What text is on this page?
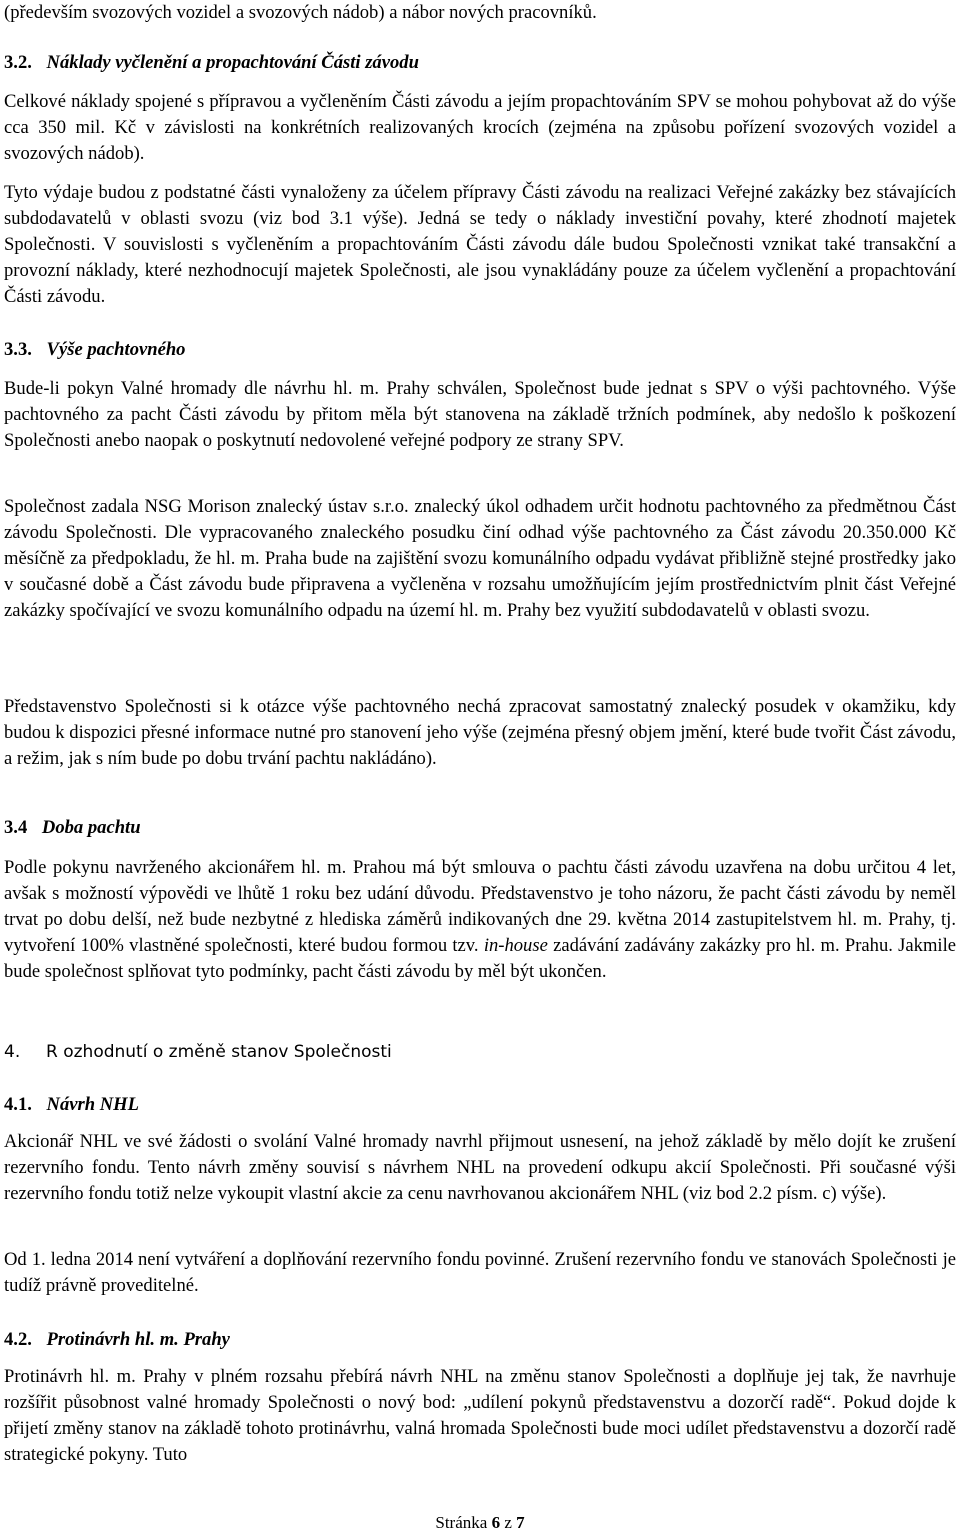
(především svozových vozidel a svozových nádob) a nábor nových pracovníků.

3.2. Náklady vyčlenění a propachtování Části závodu

Celkové náklady spojené s přípravou a vyčleněním Části závodu a jejím propachtováním SPV se mohou pohybovat až do výše cca 350 mil. Kč v závislosti na konkrétních realizovaných krocích (zejména na způsobu pořízení svozových vozidel a svozových nádob).

Tyto výdaje budou z podstatné části vynaloženy za účelem přípravy Části závodu na realizaci Veřejné zakázky bez stávajících subdodavatelů v oblasti svozu (viz bod 3.1 výše). Jedná se tedy o náklady investiční povahy, které zhodnotí majetek Společnosti. V souvislosti s vyčleněním a propachtováním Části závodu dále budou Společnosti vznikat také transakční a provozní náklady, které nezhodnocují majetek Společnosti, ale jsou vynakládány pouze za účelem vyčlenění a propachtování Části závodu.

3.3. Výše pachtovného

Bude-li pokyn Valné hromady dle návrhu hl. m. Prahy schválen, Společnost bude jednat s SPV o výši pachtovného. Výše pachtovného za pacht Části závodu by přitom měla být stanovena na základě tržních podmínek, aby nedošlo k poškození Společnosti anebo naopak o poskytnutí nedovolené veřejné podpory ze strany SPV.

Společnost zadala NSG Morison znalecký ústav s.r.o. znalecký úkol odhadem určit hodnotu pachtovného za předmětnou Část závodu Společnosti. Dle vypracovaného znaleckého posudku činí odhad výše pachtovného za Část závodu 20.350.000 Kč měsíčně za předpokladu, že hl. m. Praha bude na zajištění svozu komunálního odpadu vydávat přibližně stejné prostředky jako v současné době a Část závodu bude připravena a vyčleněna v rozsahu umožňujícím jejím prostřednictvím plnit část Veřejné zakázky spočívající ve svozu komunálního odpadu na území hl. m. Prahy bez využití subdodavatelů v oblasti svozu.

Představenstvo Společnosti si k otázce výše pachtovného nechá zpracovat samostatný znalecký posudek v okamžiku, kdy budou k dispozici přesné informace nutné pro stanovení jeho výše (zejména přesný objem jmění, které bude tvořit Část závodu, a režim, jak s ním bude po dobu trvání pachtu nakládáno).

3.4 Doba pachtu

Podle pokynu navrženého akcionářem hl. m. Prahou má být smlouva o pachtu části závodu uzavřena na dobu určitou 4 let, avšak s možností výpovědi ve lhůtě 1 roku bez udání důvodu. Představenstvo je toho názoru, že pacht části závodu by neměl trvat po dobu delší, než bude nezbytné z hlediska záměrů indikovaných dne 29. května 2014 zastupitelstvem hl. m. Prahy, tj. vytvoření 100% vlastněné společnosti, které budou formou tzv. in-house zadávání zadávány zakázky pro hl. m. Prahu. Jakmile bude společnost splňovat tyto podmínky, pacht části závodu by měl být ukončen.

4. R ozhodnutí o změně stanov Společnosti

4.1. Návrh NHL

Akcionář NHL ve své žádosti o svolání Valné hromady navrhl přijmout usnesení, na jehož základě by mělo dojít ke zrušení rezervního fondu. Tento návrh změny souvisí s návrhem NHL na provedení odkupu akcií Společnosti. Při současné výši rezervního fondu totiž nelze vykoupit vlastní akcie za cenu navrhovanou akcionářem NHL (viz bod 2.2 písm. c) výše).

Od 1. ledna 2014 není vytváření a doplňování rezervního fondu povinné. Zrušení rezervního fondu ve stanovách Společnosti je tudíž právně proveditelné.

4.2. Protinávrh hl. m. Prahy

Protinávrh hl. m. Prahy v plném rozsahu přebírá návrh NHL na změnu stanov Společnosti a doplňuje jej tak, že navrhuje rozšířit působnost valné hromady Společnosti o nový bod: „udílení pokynů představenstvu a dozorčí radě“. Pokud dojde k přijetí změny stanov na základě tohoto protinávrhu, valná hromada Společnosti bude moci udílet představenstvu a dozorčí radě strategické pokyny. Tuto

Stránka 6 z 7
